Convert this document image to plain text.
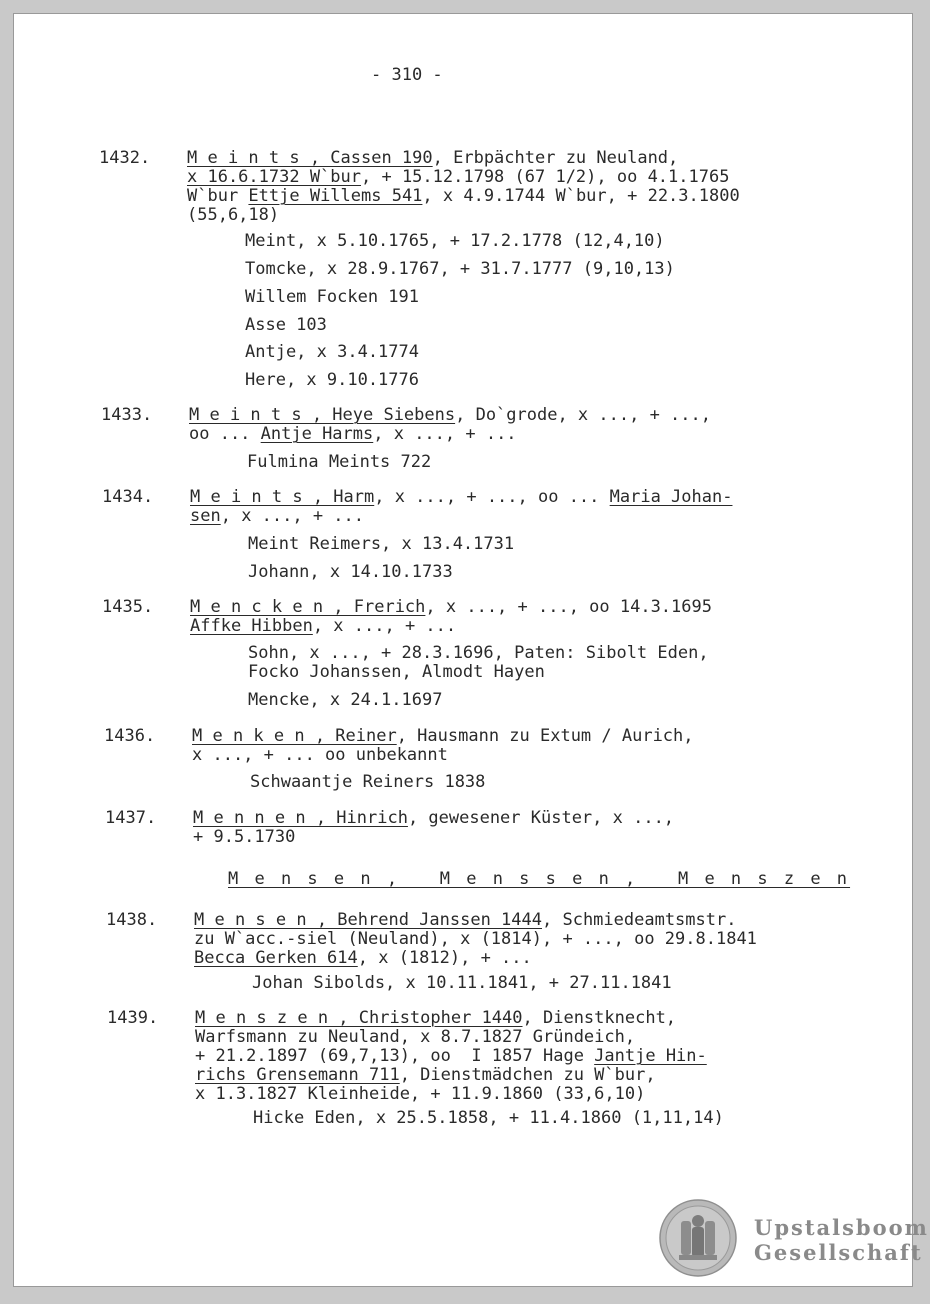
- 310 -
M e n s e n ,   M e n s s e n ,   M e n s z e n
Upstalsboom
Gesellschaft
1432. M e i n t s , Cassen 190, Erbpächter zu Neuland,
x 16.6.1732 W`bur, + 15.12.1798 (67 1/2), oo 4.1.1765
W`bur Ettje Willems 541, x 4.9.1744 W`bur, + 22.3.1800
(55,6,18)
Meint, x 5.10.1765, + 17.2.1778 (12,4,10)
Tomcke, x 28.9.1767, + 31.7.1777 (9,10,13)
Willem Focken 191
Asse 103
Antje, x 3.4.1774
Here, x 9.10.1776
1433. M e i n t s , Heye Siebens, Do`grode, x ..., + ...,
oo ... Antje Harms, x ..., + ...
Fulmina Meints 722
1434. M e i n t s , Harm, x ..., + ..., oo ... Maria Johan-
sen, x ..., + ...
Meint Reimers, x 13.4.1731
Johann, x 14.10.1733
1435. M e n c k e n , Frerich, x ..., + ..., oo 14.3.1695
Affke Hibben, x ..., + ...
Sohn, x ..., + 28.3.1696, Paten: Sibolt Eden,
Focko Johanssen, Almodt Hayen
Mencke, x 24.1.1697
1436. M e n k e n , Reiner, Hausmann zu Extum / Aurich,
x ..., + ... oo unbekannt
Schwaantje Reiners 1838
1437. M e n n e n , Hinrich, gewesener Küster, x ...,
+ 9.5.1730
1438. M e n s e n , Behrend Janssen 1444, Schmiedeamtsmstr.
zu W`acc.-siel (Neuland), x (1814), + ..., oo 29.8.1841
Becca Gerken 614, x (1812), + ...
Johan Sibolds, x 10.11.1841, + 27.11.1841
1439. M e n s z e n , Christopher 1440, Dienstknecht,
Warfsmann zu Neuland, x 8.7.1827 Gründeich,
+ 21.2.1897 (69,7,13), oo  I 1857 Hage Jantje Hin-
richs Grensemann 711, Dienstmädchen zu W`bur,
x 1.3.1827 Kleinheide, + 11.9.1860 (33,6,10)
Hicke Eden, x 25.5.1858, + 11.4.1860 (1,11,14)
